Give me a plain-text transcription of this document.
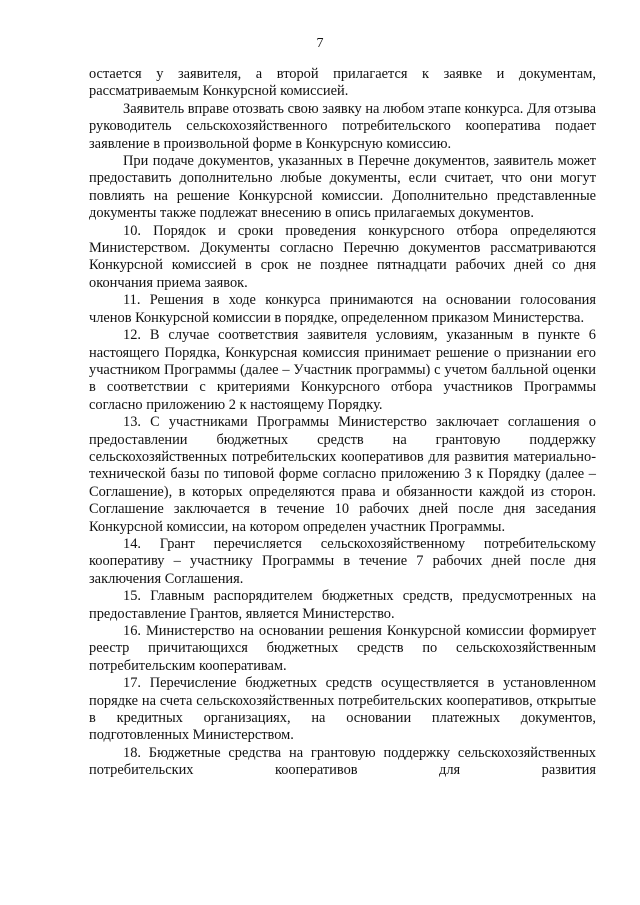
7

остается у заявителя, а второй прилагается к заявке и документам, рассматриваемым Конкурсной комиссией.

Заявитель вправе отозвать свою заявку на любом этапе конкурса. Для отзыва руководитель сельскохозяйственного потребительского кооператива подает заявление в произвольной форме в Конкурсную комиссию.

При подаче документов, указанных в Перечне документов, заявитель может предоставить дополнительно любые документы, если считает, что они могут повлиять на решение Конкурсной комиссии. Дополнительно представленные документы также подлежат внесению в опись прилагаемых документов.

10. Порядок и сроки проведения конкурсного отбора определяются Министерством. Документы согласно Перечню документов рассматриваются Конкурсной комиссией в срок не позднее пятнадцати рабочих дней со дня окончания приема заявок.

11. Решения в ходе конкурса принимаются на основании голосования членов Конкурсной комиссии в порядке, определенном приказом Министерства.

12. В случае соответствия заявителя условиям, указанным в пункте 6 настоящего Порядка, Конкурсная комиссия принимает решение о признании его участником Программы (далее – Участник программы) с учетом балльной оценки в соответствии с критериями Конкурсного отбора участников Программы согласно приложению 2 к настоящему Порядку.

13. С участниками Программы Министерство заключает соглашения о предоставлении бюджетных средств на грантовую поддержку сельскохозяйственных потребительских кооперативов для развития материально-технической базы по типовой форме согласно приложению 3 к Порядку (далее – Соглашение), в которых определяются права и обязанности каждой из сторон. Соглашение заключается в течение 10 рабочих дней после дня заседания Конкурсной комиссии, на котором определен участник Программы.

14. Грант перечисляется сельскохозяйственному потребительскому кооперативу – участнику Программы в течение 7 рабочих дней после дня заключения Соглашения.

15. Главным распорядителем бюджетных средств, предусмотренных на предоставление Грантов, является Министерство.

16. Министерство на основании решения Конкурсной комиссии формирует реестр причитающихся бюджетных средств по сельскохозяйственным потребительским кооперативам.

17. Перечисление бюджетных средств осуществляется в установленном порядке на счета сельскохозяйственных потребительских кооперативов, открытые в кредитных организациях, на основании платежных документов, подготовленных Министерством.

18. Бюджетные средства на грантовую поддержку сельскохозяйственных потребительских кооперативов для развития
